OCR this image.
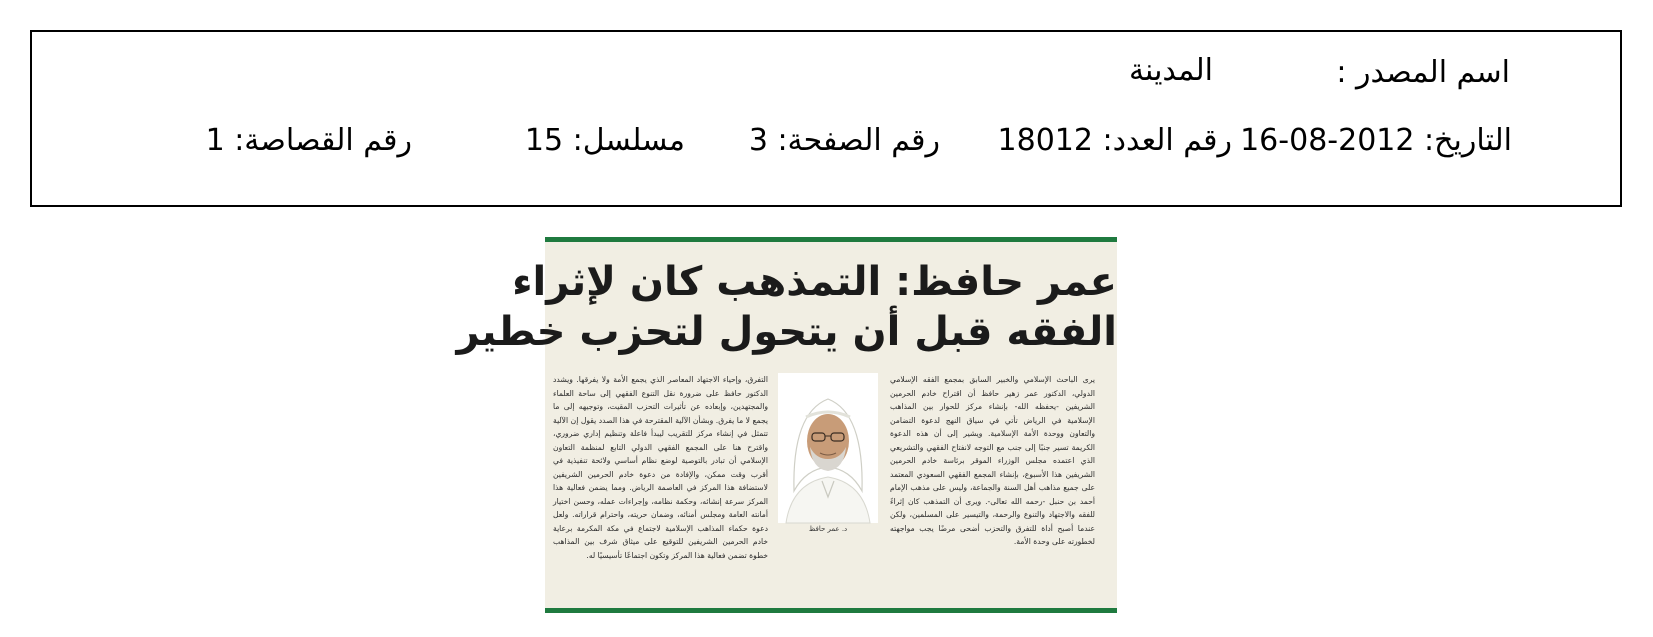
اسم المصدر :
المدينة
التاريخ: 2012-08-16
رقم العدد: 18012
رقم الصفحة: 3
مسلسل: 15
رقم القصاصة: 1
عمر حافظ: التمذهب كان لإثراء
الفقه قبل أن يتحول لتحزب خطير
يرى الباحث الإسلامي والخبير السابق بمجمع الفقه الإسلامي الدولي، الدكتور عمر زهير حافظ أن اقتراح خادم الحرمين الشريفين -يحفظه الله- بإنشاء مركز للحوار بين المذاهب الإسلامية في الرياض تأتي في سياق النهج لدعوة التضامن والتعاون ووحدة الأمة الإسلامية. ويشير إلى أن هذه الدعوة الكريمة تسير جنبًا إلى جنب مع التوجه لانفتاح الفقهي والتشريعي الذي اعتمده مجلس الوزراء الموقر برئاسة خادم الحرمين الشريفين هذا الأسبوع، بإنشاء المجمع الفقهي السعودي المعتمد على جميع مذاهب أهل السنة والجماعة، وليس على مذهب الإمام أحمد بن حنبل -رحمه الله تعالى-. ويرى أن التمذهب كان إثراءً للفقه والاجتهاد والتنوع والرحمة، والتيسير على المسلمين، ولكن عندما أصبح أداة للتفرق والتحزب أضحى مرضًا يجب مواجهته لخطورته على وحدة الأمة.
التفرق، وإحياء الاجتهاد المعاصر الذي يجمع الأمة ولا يفرقها. ويشدد الدكتور حافظ على ضرورة نقل التنوع الفقهي إلى ساحة العلماء والمجتهدين، وإبعاده عن تأثيرات التحزب المقيت، وتوجيهه إلى ما يجمع لا ما يفرق. وبشأن الآلية المقترحة في هذا الصدد يقول إن الآلية تتمثل في إنشاء مركز للتقريب ليبدأ فاعلة وتنظيم إداري ضروري، واقترح هنا على المجمع الفقهي الدولي التابع لمنظمة التعاون الإسلامي أن تبادر بالتوصية لوضع نظام أساسي ولائحة تنفيذية في أقرب وقت ممكن، والإفادة من دعوة خادم الحرمين الشريفين لاستضافة هذا المركز في العاصمة الرياض. ومما يضمن فعالية هذا المركز سرعة إنشائه، وحكمة نظامه، وإجراءات عمله، وحسن اختيار أمانته العامة ومجلس أمنائه، وضمان حريته، واحترام قراراته. ولعل دعوة حكماء المذاهب الإسلامية لاجتماع في مكة المكرمة برعاية خادم الحرمين الشريفين للتوقيع على ميثاق شرف بين المذاهب خطوة تضمن فعالية هذا المركز وتكون اجتماعًا تأسيسيًا له.
د. عمر حافظ
